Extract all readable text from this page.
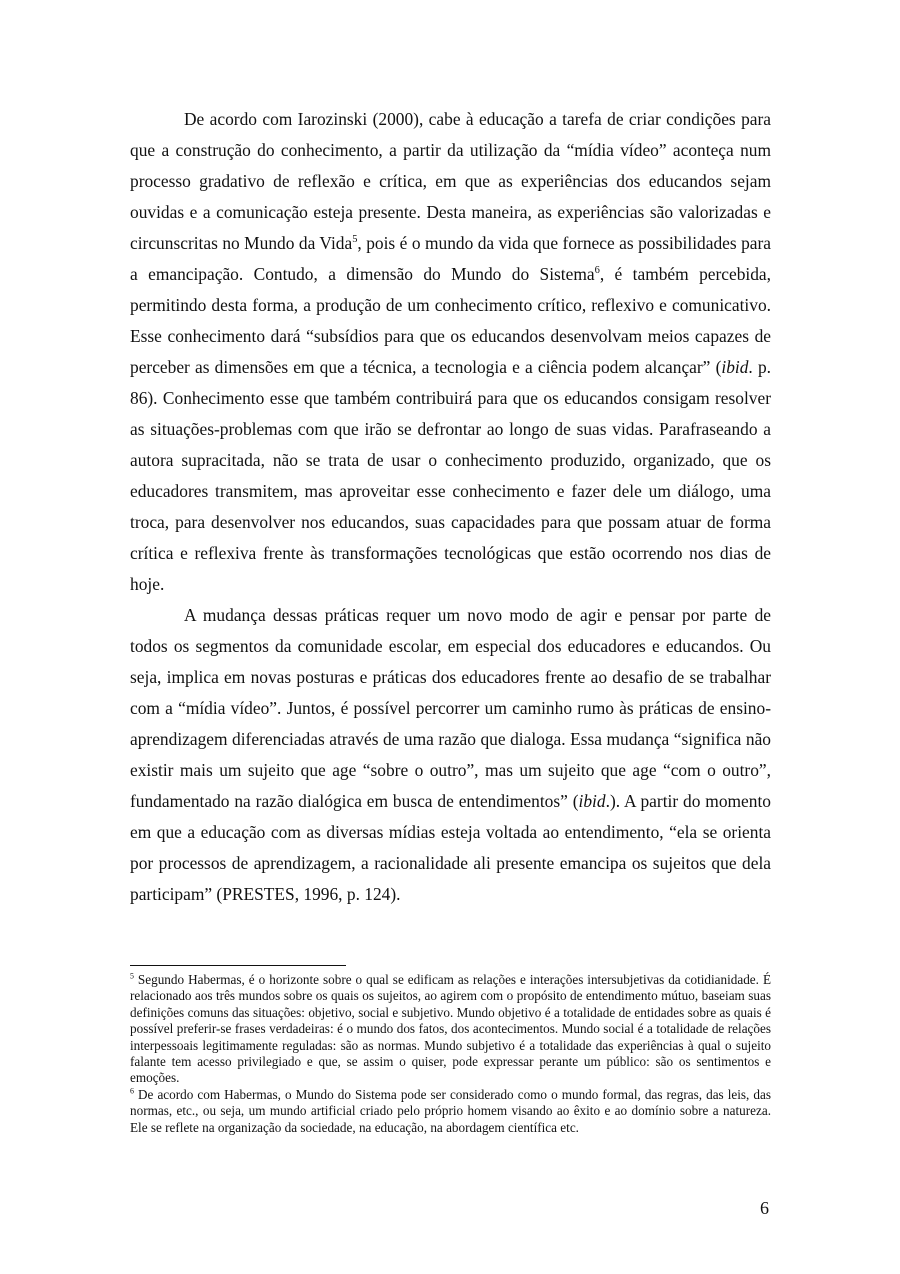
De acordo com Iarozinski (2000), cabe à educação a tarefa de criar condições para que a construção do conhecimento, a partir da utilização da “mídia vídeo” aconteça num processo gradativo de reflexão e crítica, em que as experiências dos educandos sejam ouvidas e a comunicação esteja presente. Desta maneira, as experiências são valorizadas e circunscritas no Mundo da Vida$^5$, pois é o mundo da vida que fornece as possibilidades para a emancipação. Contudo, a dimensão do Mundo do Sistema$^6$, é também percebida, permitindo desta forma, a produção de um conhecimento crítico, reflexivo e comunicativo. Esse conhecimento dará “subsídios para que os educandos desenvolvam meios capazes de perceber as dimensões em que a técnica, a tecnologia e a ciência podem alcançar” (ibid. p. 86). Conhecimento esse que também contribuirá para que os educandos consigam resolver as situações-problemas com que irão se defrontar ao longo de suas vidas. Parafraseando a autora supracitada, não se trata de usar o conhecimento produzido, organizado, que os educadores transmitem, mas aproveitar esse conhecimento e fazer dele um diálogo, uma troca, para desenvolver nos educandos, suas capacidades para que possam atuar de forma crítica e reflexiva frente às transformações tecnológicas que estão ocorrendo nos dias de hoje.

A mudança dessas práticas requer um novo modo de agir e pensar por parte de todos os segmentos da comunidade escolar, em especial dos educadores e educandos. Ou seja, implica em novas posturas e práticas dos educadores frente ao desafio de se trabalhar com a “mídia vídeo”. Juntos, é possível percorrer um caminho rumo às práticas de ensino-aprendizagem diferenciadas através de uma razão que dialoga. Essa mudança “significa não existir mais um sujeito que age “sobre o outro”, mas um sujeito que age “com o outro”, fundamentado na razão dialógica em busca de entendimentos” (ibid.). A partir do momento em que a educação com as diversas mídias esteja voltada ao entendimento, “ela se orienta por processos de aprendizagem, a racionalidade ali presente emancipa os sujeitos que dela participam” (PRESTES, 1996, p. 124).

$^5$ Segundo Habermas, é o horizonte sobre o qual se edificam as relações e interações intersubjetivas da cotidianidade. É relacionado aos três mundos sobre os quais os sujeitos, ao agirem com o propósito de entendimento mútuo, baseiam suas definições comuns das situações: objetivo, social e subjetivo. Mundo objetivo é a totalidade de entidades sobre as quais é possível preferir-se frases verdadeiras: é o mundo dos fatos, dos acontecimentos. Mundo social é a totalidade de relações interpessoais legitimamente reguladas: são as normas. Mundo subjetivo é a totalidade das experiências à qual o sujeito falante tem acesso privilegiado e que, se assim o quiser, pode expressar perante um público: são os sentimentos e emoções.

$^6$ De acordo com Habermas, o Mundo do Sistema pode ser considerado como o mundo formal, das regras, das leis, das normas, etc., ou seja, um mundo artificial criado pelo próprio homem visando ao êxito e ao domínio sobre a natureza. Ele se reflete na organização da sociedade, na educação, na abordagem científica etc.

6
